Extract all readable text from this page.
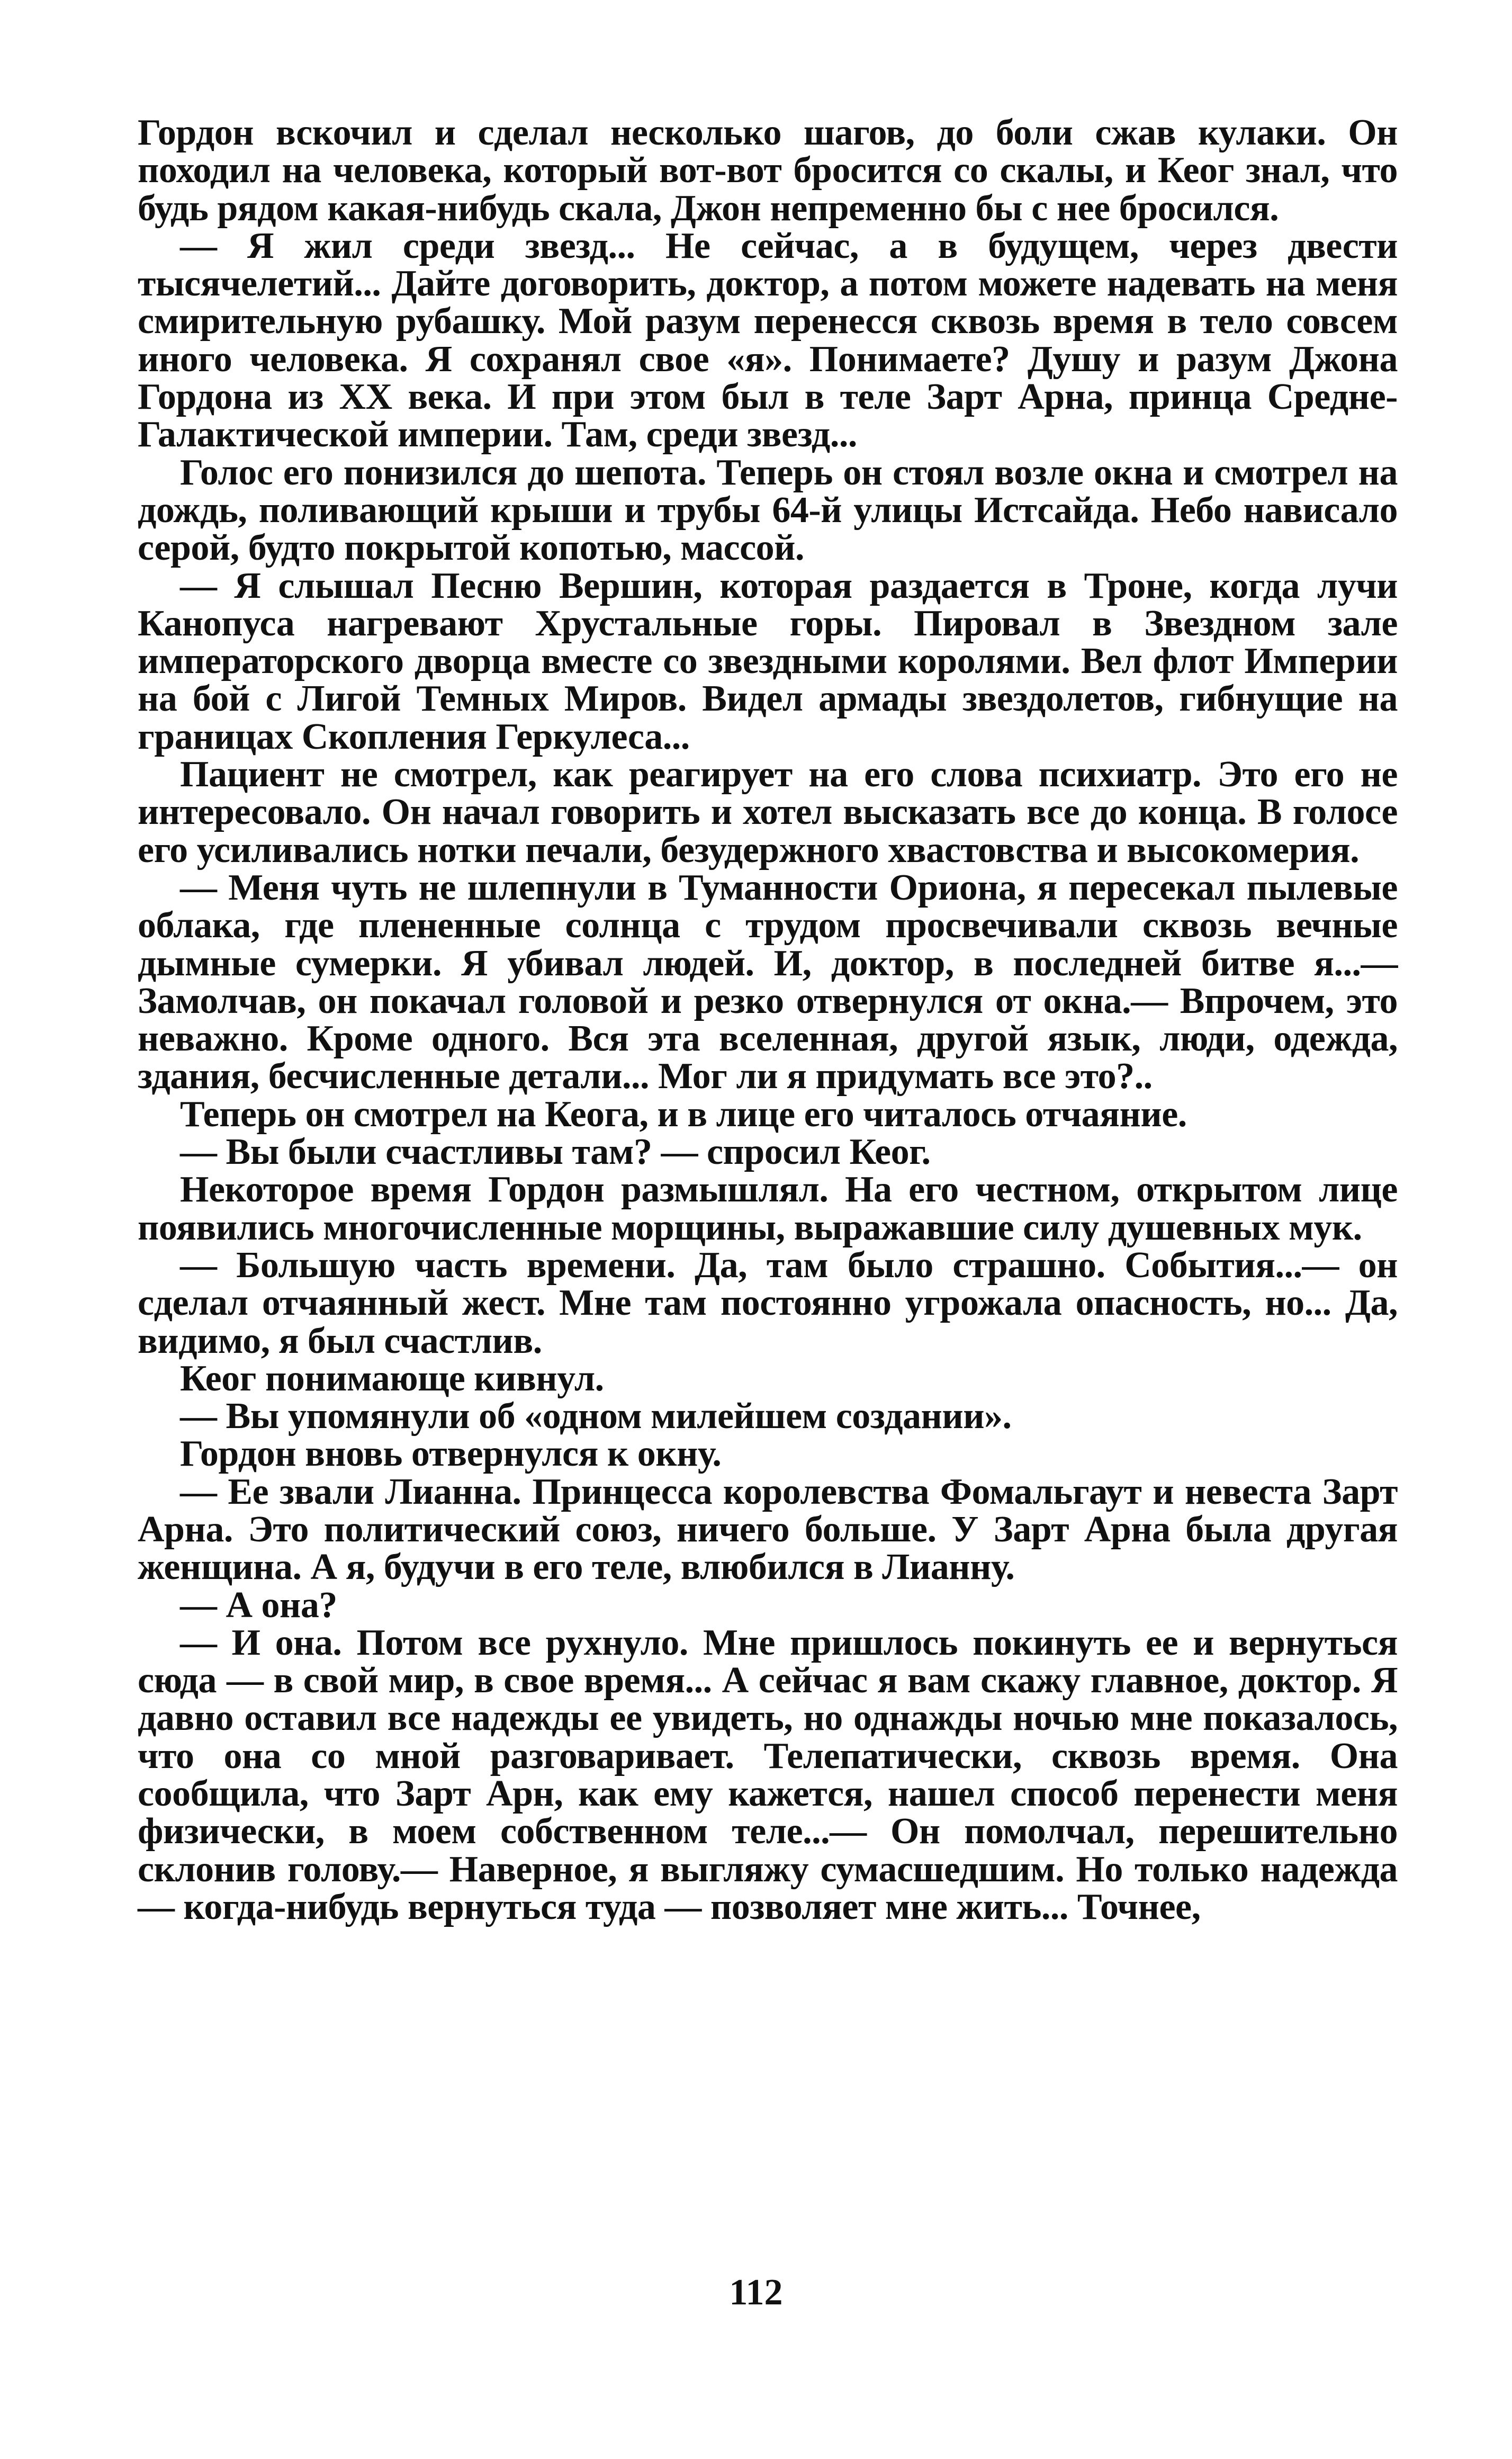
Гордон вскочил и сделал несколько шагов, до боли сжав кулаки. Он походил на человека, который вот-вот бросится со скалы, и Кеог знал, что будь рядом какая-нибудь скала, Джон непременно бы с нее бросился.

— Я жил среди звезд... Не сейчас, а в будущем, через двести тысячелетий... Дайте договорить, доктор, а потом можете надевать на меня смирительную рубашку. Мой разум перенесся сквозь время в тело совсем иного человека. Я сохранял свое «я». Понимаете? Душу и разум Джона Гордона из XX века. И при этом был в теле Зарт Арна, принца Средне-Галактической империи. Там, среди звезд...

Голос его понизился до шепота. Теперь он стоял возле окна и смотрел на дождь, поливающий крыши и трубы 64-й улицы Истсайда. Небо нависало серой, будто покрытой копотью, массой.

— Я слышал Песню Вершин, которая раздается в Троне, когда лучи Канопуса нагревают Хрустальные горы. Пировал в Звездном зале императорского дворца вместе со звездными королями. Вел флот Империи на бой с Лигой Темных Миров. Видел армады звездолетов, гибнущие на границах Скопления Геркулеса...

Пациент не смотрел, как реагирует на его слова психиатр. Это его не интересовало. Он начал говорить и хотел высказать все до конца. В голосе его усиливались нотки печали, безудержного хвастовства и высокомерия.

— Меня чуть не шлепнули в Туманности Ориона, я пересекал пылевые облака, где плененные солнца с трудом просвечивали сквозь вечные дымные сумерки. Я убивал людей. И, доктор, в последней битве я...— Замолчав, он покачал головой и резко отвернулся от окна.— Впрочем, это неважно. Кроме одного. Вся эта вселенная, другой язык, люди, одежда, здания, бесчисленные детали... Мог ли я придумать все это?..

Теперь он смотрел на Кеога, и в лице его читалось отчаяние.

— Вы были счастливы там? — спросил Кеог.

Некоторое время Гордон размышлял. На его честном, открытом лице появились многочисленные морщины, выражавшие силу душевных мук.

— Большую часть времени. Да, там было страшно. События...— он сделал отчаянный жест. Мне там постоянно угрожала опасность, но... Да, видимо, я был счастлив.

Кеог понимающе кивнул.

— Вы упомянули об «одном милейшем создании».

Гордон вновь отвернулся к окну.

— Ее звали Лианна. Принцесса королевства Фомальгаут и невеста Зарт Арна. Это политический союз, ничего больше. У Зарт Арна была другая женщина. А я, будучи в его теле, влюбился в Лианну.

— А она?

— И она. Потом все рухнуло. Мне пришлось покинуть ее и вернуться сюда — в свой мир, в свое время... А сейчас я вам скажу главное, доктор. Я давно оставил все надежды ее увидеть, но однажды ночью мне показалось, что она со мной разговаривает. Телепатически, сквозь время. Она сообщила, что Зарт Арн, как ему кажется, нашел способ перенести меня физически, в моем собственном теле...— Он помолчал, перешительно склонив голову.— Наверное, я выгляжу сумасшедшим. Но только надежда — когда-нибудь вернуться туда — позволяет мне жить... Точнее,

112
